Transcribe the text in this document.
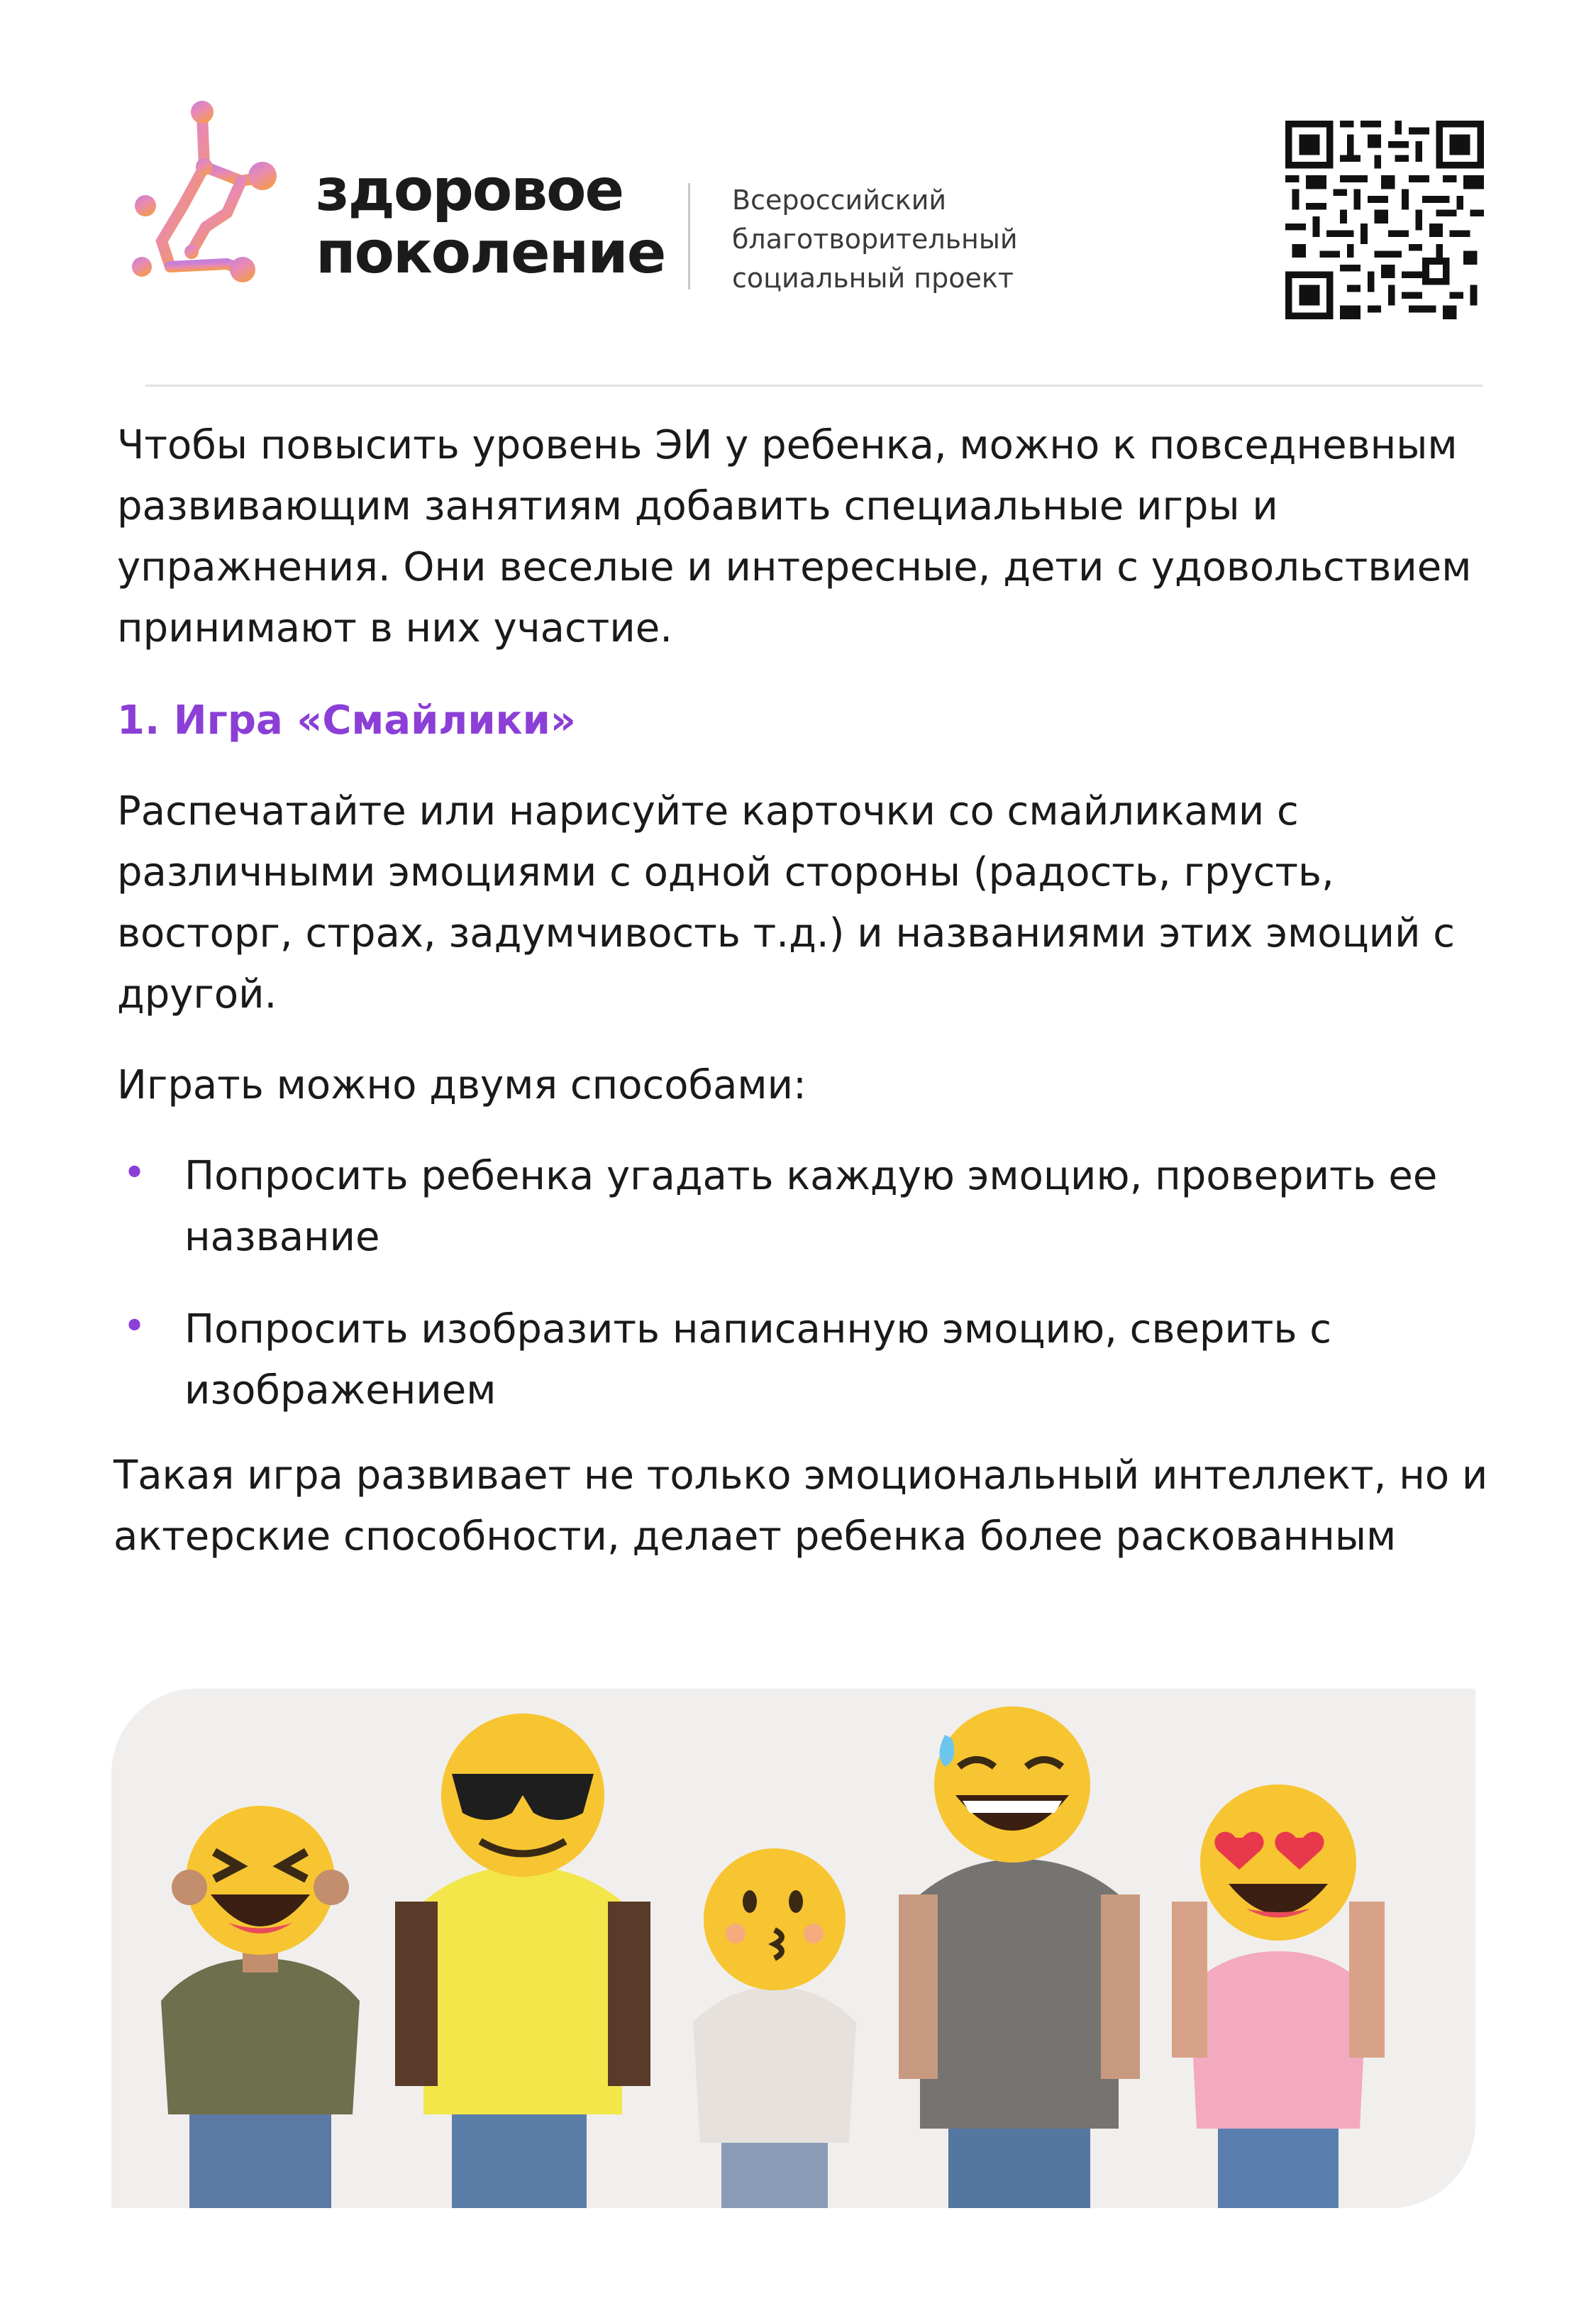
здоровое
поколение
Всероссийский
благотворительный
социальный проект

Чтобы повысить уровень ЭИ у ребенка, можно к повседневным развивающим занятиям добавить специальные игры и упражнения. Они веселые и интересные, дети с удовольствием принимают в них участие.

1. Игра «Смайлики»

Распечатайте или нарисуйте карточки со смайликами с различными эмоциями с одной стороны (радость, грусть, восторг, страх, задумчивость т.д.) и названиями этих эмоций с другой.

Играть можно двумя способами:

• Попросить ребенка угадать каждую эмоцию, проверить ее название
• Попросить изобразить написанную эмоцию, сверить с изображением

Такая игра развивает не только эмоциональный интеллект, но и актерские способности, делает ребенка более раскованным
